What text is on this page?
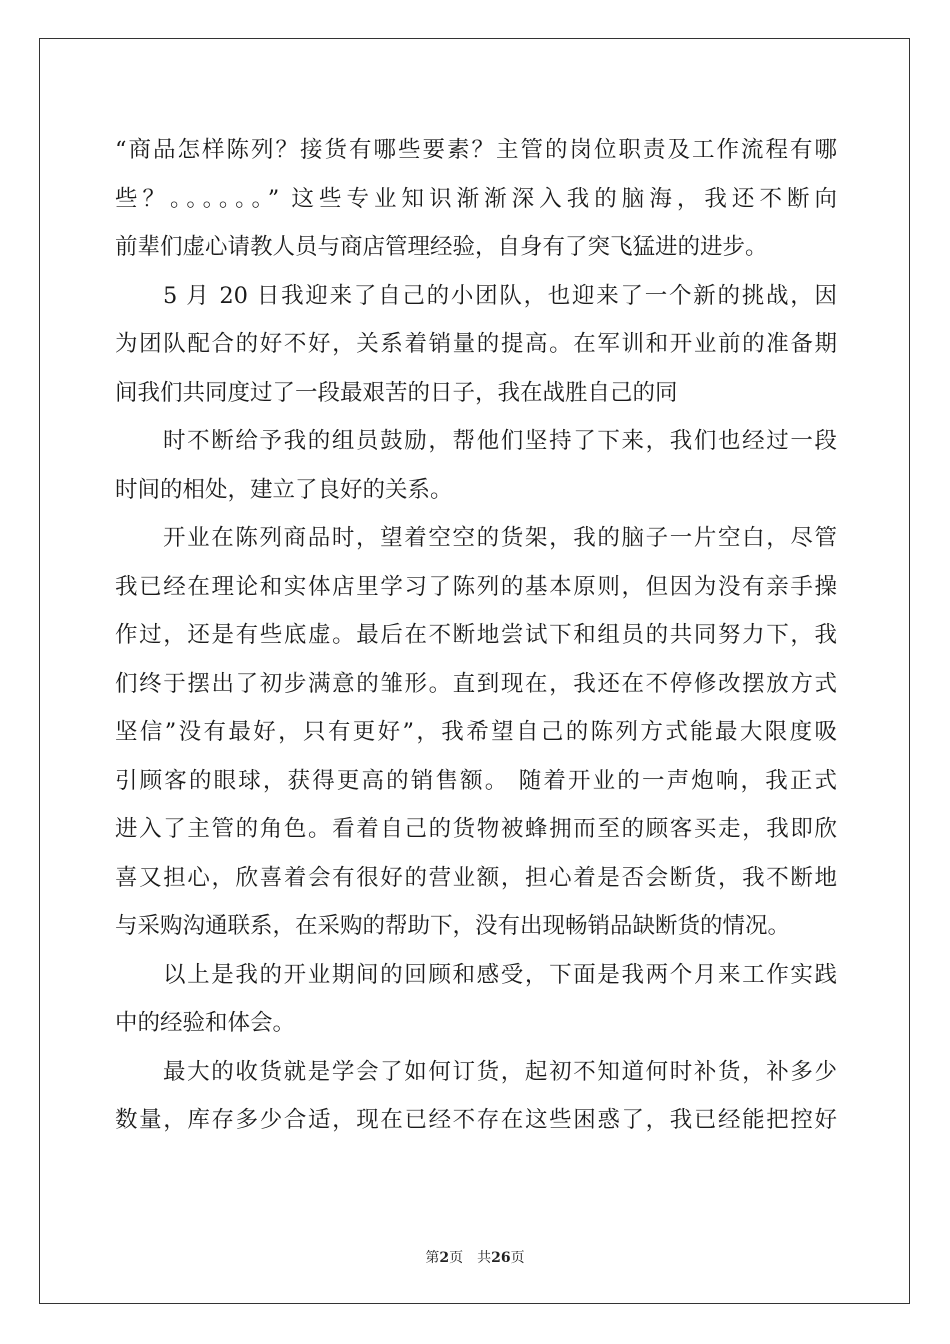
“商品怎样陈列？接货有哪些要素？主管的岗位职责及工作流程有哪
些？。。。。。。” 这些专业知识渐渐深入我的脑海，我还不断向
前辈们虚心请教人员与商店管理经验，自身有了突飞猛进的进步。
5 月 20 日我迎来了自己的小团队，也迎来了一个新的挑战，因
为团队配合的好不好，关系着销量的提高。在军训和开业前的准备期
间我们共同度过了一段最艰苦的日子，我在战胜自己的同
时不断给予我的组员鼓励，帮他们坚持了下来，我们也经过一段
时间的相处，建立了良好的关系。
开业在陈列商品时，望着空空的货架，我的脑子一片空白，尽管
我已经在理论和实体店里学习了陈列的基本原则，但因为没有亲手操
作过，还是有些底虚。最后在不断地尝试下和组员的共同努力下，我
们终于摆出了初步满意的雏形。直到现在，我还在不停修改摆放方式
坚信”没有最好，只有更好”，我希望自己的陈列方式能最大限度吸
引顾客的眼球，获得更高的销售额。 随着开业的一声炮响，我正式
进入了主管的角色。看着自己的货物被蜂拥而至的顾客买走，我即欣
喜又担心，欣喜着会有很好的营业额，担心着是否会断货，我不断地
与采购沟通联系，在采购的帮助下，没有出现畅销品缺断货的情况。
以上是我的开业期间的回顾和感受，下面是我两个月来工作实践
中的经验和体会。
最大的收货就是学会了如何订货，起初不知道何时补货，补多少
数量，库存多少合适，现在已经不存在这些困惑了，我已经能把控好
第2页 共26页
